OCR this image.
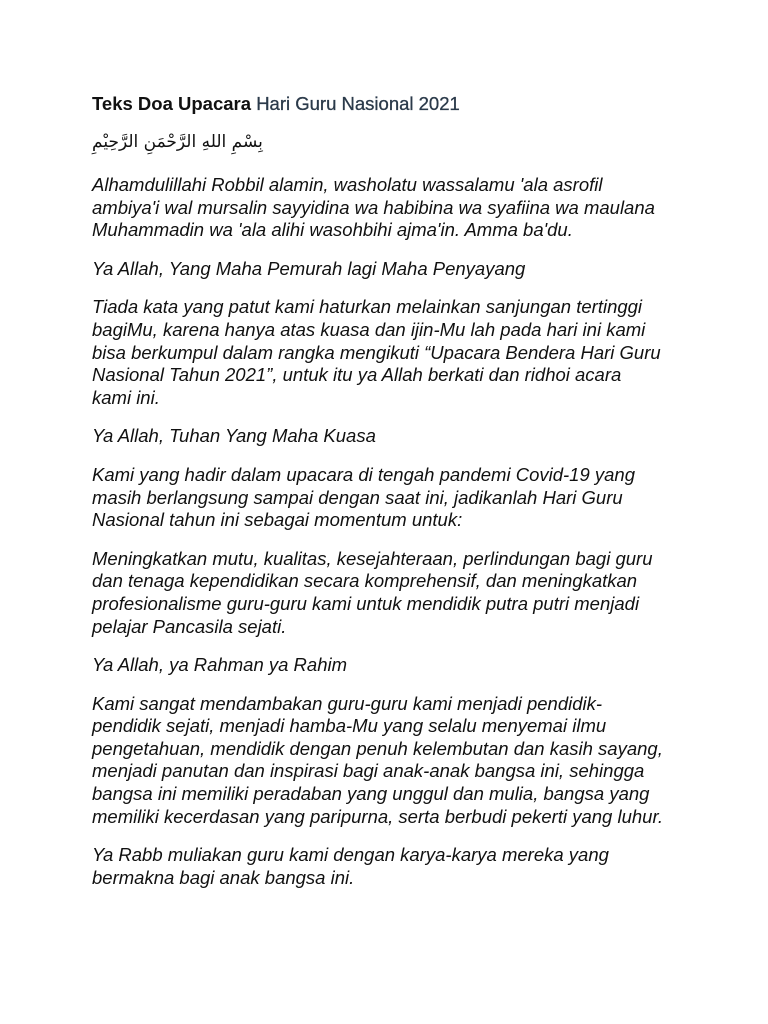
Teks Doa Upacara Hari Guru Nasional 2021

بِسْمِ اللهِ الرَّحْمَنِ الرَّحِيْمِ

Alhamdulillahi Robbil alamin, washolatu wassalamu 'ala asrofil
ambiya'i wal mursalin sayyidina wa habibina wa syafiina wa maulana
Muhammadin wa 'ala alihi wasohbihi ajma'in. Amma ba'du.

Ya Allah, Yang Maha Pemurah lagi Maha Penyayang

Tiada kata yang patut kami haturkan melainkan sanjungan tertinggi
bagiMu, karena hanya atas kuasa dan ijin-Mu lah pada hari ini kami
bisa berkumpul dalam rangka mengikuti “Upacara Bendera Hari Guru
Nasional Tahun 2021”, untuk itu ya Allah berkati dan ridhoi acara
kami ini.

Ya Allah, Tuhan Yang Maha Kuasa

Kami yang hadir dalam upacara di tengah pandemi Covid-19 yang
masih berlangsung sampai dengan saat ini, jadikanlah Hari Guru
Nasional tahun ini sebagai momentum untuk:

Meningkatkan mutu, kualitas, kesejahteraan, perlindungan bagi guru
dan tenaga kependidikan secara komprehensif, dan meningkatkan
profesionalisme guru-guru kami untuk mendidik putra putri menjadi
pelajar Pancasila sejati.

Ya Allah, ya Rahman ya Rahim

Kami sangat mendambakan guru-guru kami menjadi pendidik-
pendidik sejati, menjadi hamba-Mu yang selalu menyemai ilmu
pengetahuan, mendidik dengan penuh kelembutan dan kasih sayang,
menjadi panutan dan inspirasi bagi anak-anak bangsa ini, sehingga
bangsa ini memiliki peradaban yang unggul dan mulia, bangsa yang
memiliki kecerdasan yang paripurna, serta berbudi pekerti yang luhur.

Ya Rabb muliakan guru kami dengan karya-karya mereka yang
bermakna bagi anak bangsa ini.
